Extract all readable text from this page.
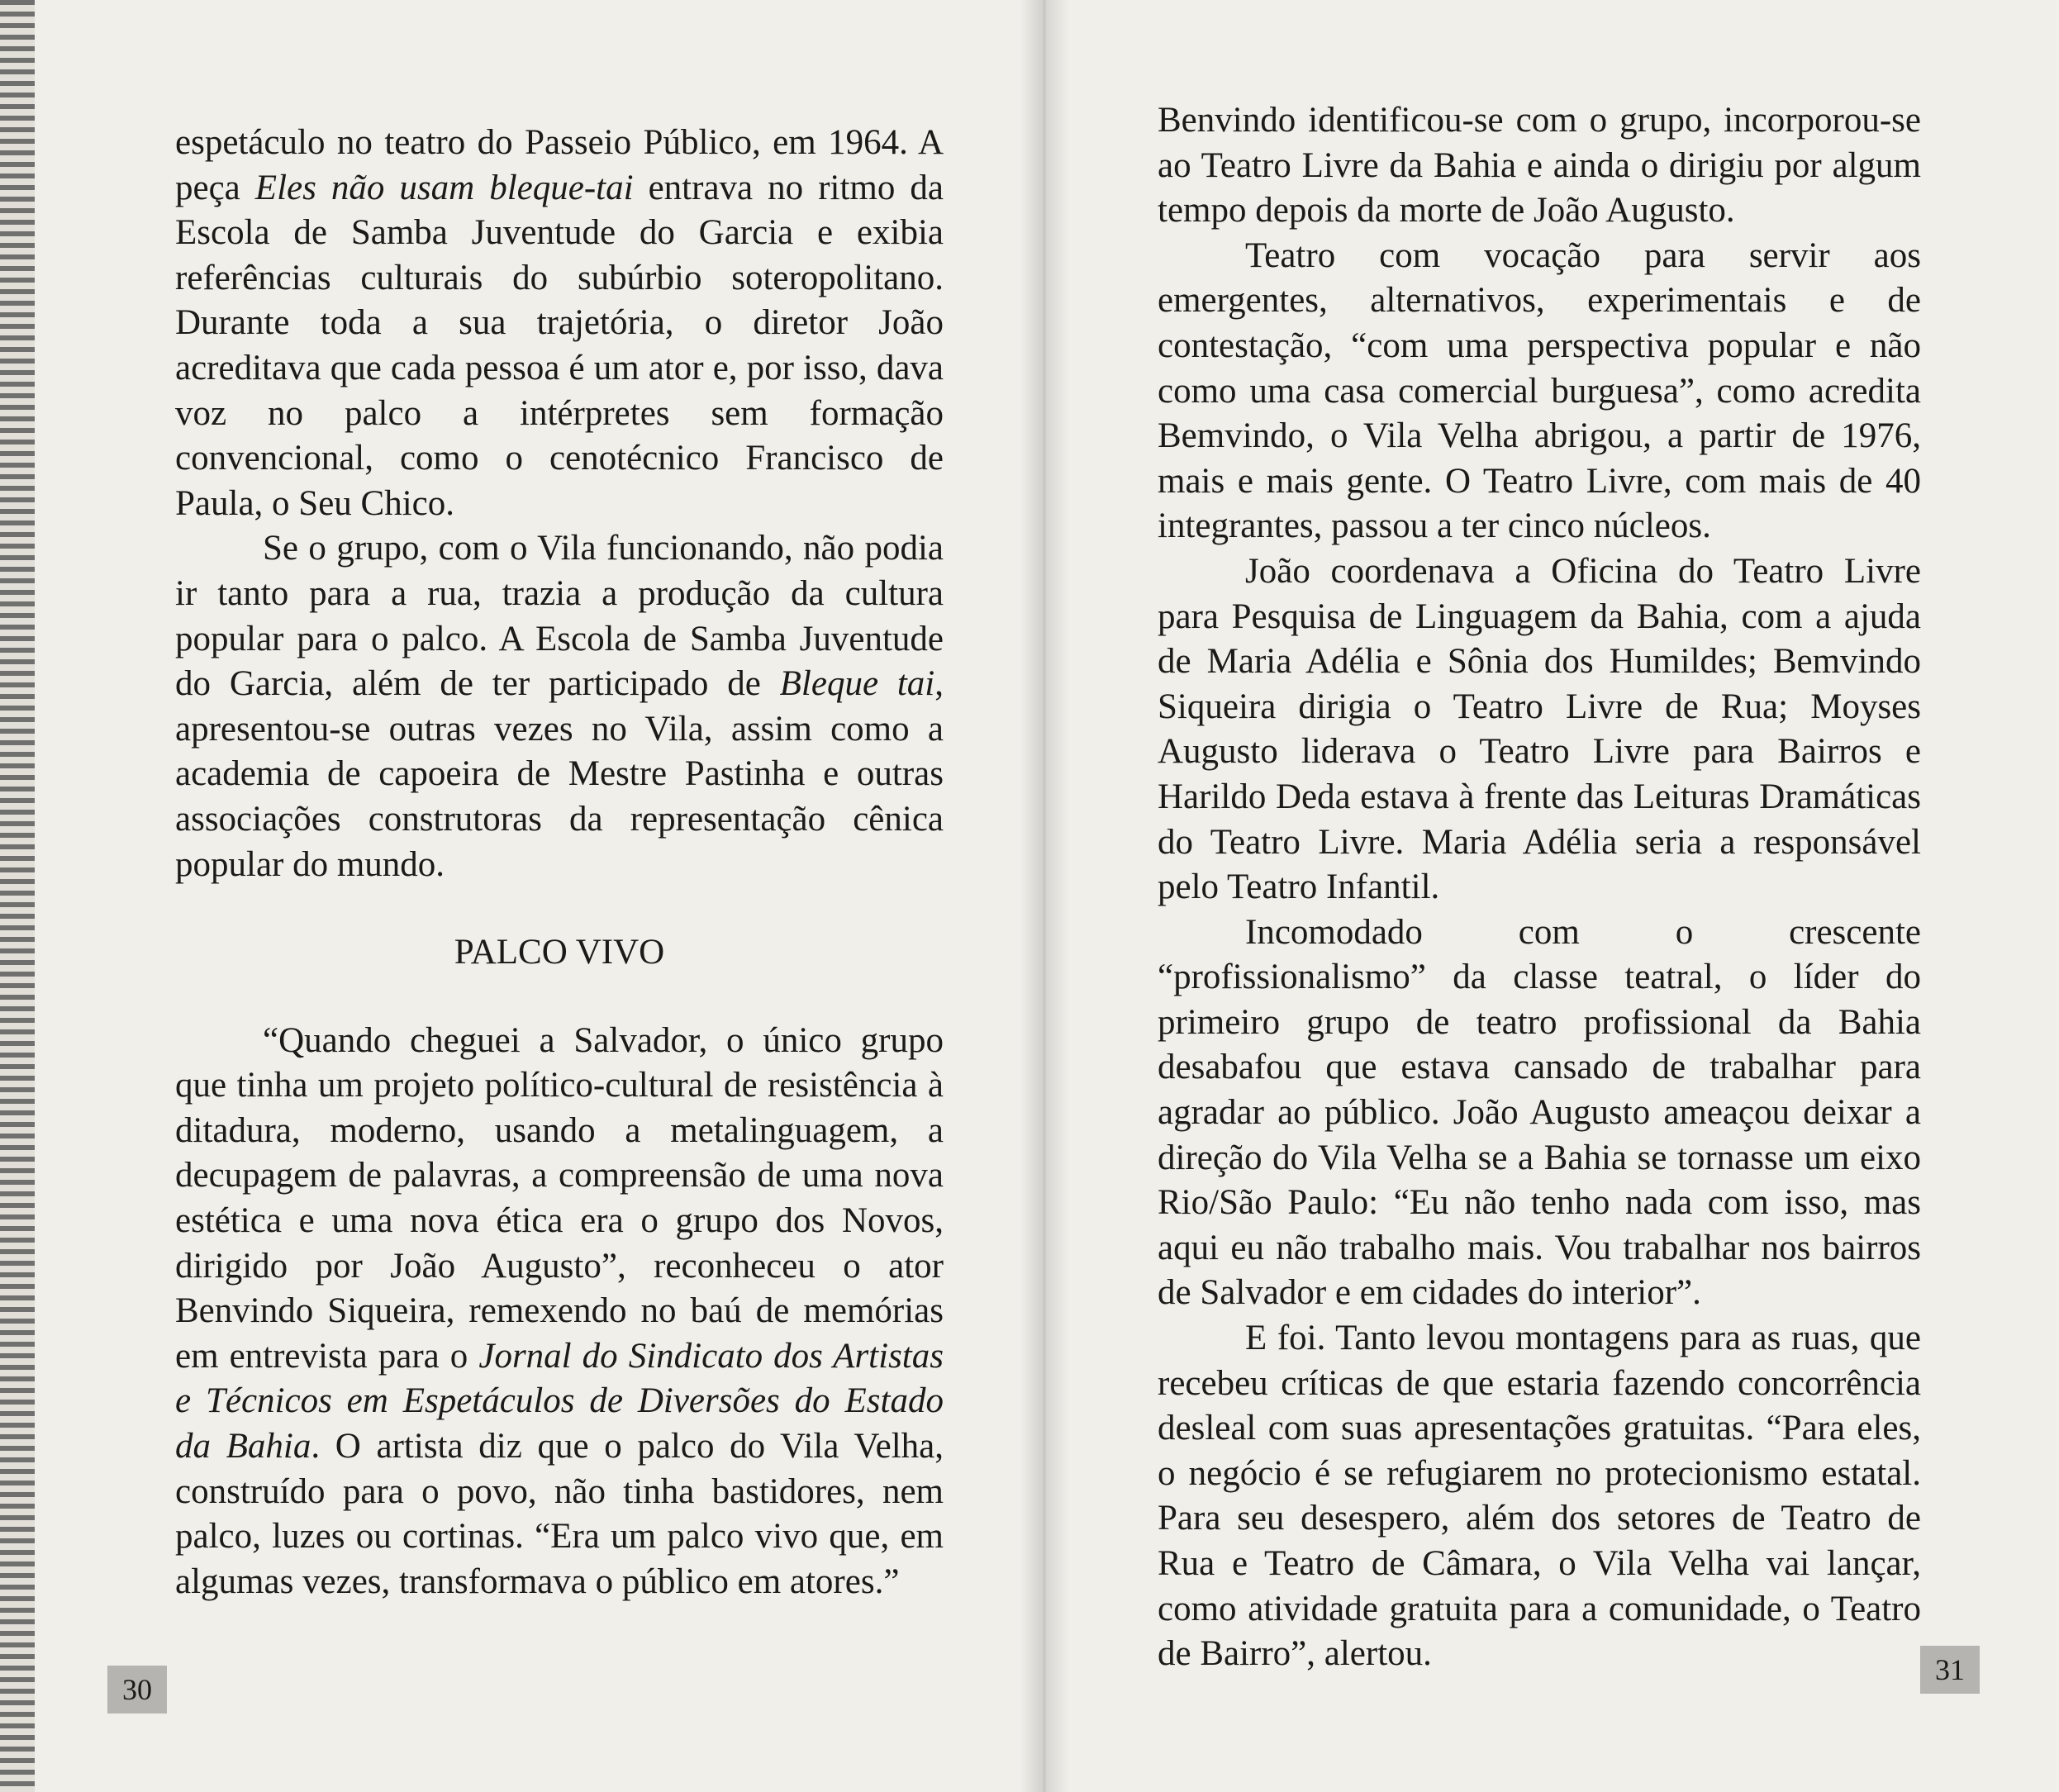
espetáculo no teatro do Passeio Público, em 1964. A peça Eles não usam bleque-tai entrava no ritmo da Escola de Samba Juventude do Garcia e exibia referências culturais do subúrbio soteropolitano. Durante toda a sua trajetória, o diretor João acreditava que cada pessoa é um ator e, por isso, dava voz no palco a intérpretes sem formação convencional, como o cenotécnico Francisco de Paula, o Seu Chico.

Se o grupo, com o Vila funcionando, não podia ir tanto para a rua, trazia a produção da cultura popular para o palco. A Escola de Samba Juventude do Garcia, além de ter participado de Bleque tai, apresentou-se outras vezes no Vila, assim como a academia de capoeira de Mestre Pastinha e outras associações construtoras da representação cênica popular do mundo.

PALCO VIVO

“Quando cheguei a Salvador, o único grupo que tinha um projeto político-cultural de resistência à ditadura, moderno, usando a metalinguagem, a decupagem de palavras, a compreensão de uma nova estética e uma nova ética era o grupo dos Novos, dirigido por João Augusto”, reconheceu o ator Benvindo Siqueira, remexendo no baú de memórias em entrevista para o Jornal do Sindicato dos Artistas e Técnicos em Espetáculos de Diversões do Estado da Bahia. O artista diz que o palco do Vila Velha, construído para o povo, não tinha bastidores, nem palco, luzes ou cortinas. “Era um palco vivo que, em algumas vezes, transformava o público em atores.”

30

Benvindo identificou-se com o grupo, incorporou-se ao Teatro Livre da Bahia e ainda o dirigiu por algum tempo depois da morte de João Augusto.

Teatro com vocação para servir aos emergentes, alternativos, experimentais e de contestação, “com uma perspectiva popular e não como uma casa comercial burguesa”, como acredita Bemvindo, o Vila Velha abrigou, a partir de 1976, mais e mais gente. O Teatro Livre, com mais de 40 integrantes, passou a ter cinco núcleos.

João coordenava a Oficina do Teatro Livre para Pesquisa de Linguagem da Bahia, com a ajuda de Maria Adélia e Sônia dos Humildes; Bemvindo Siqueira dirigia o Teatro Livre de Rua; Moyses Augusto liderava o Teatro Livre para Bairros e Harildo Deda estava à frente das Leituras Dramáticas do Teatro Livre. Maria Adélia seria a responsável pelo Teatro Infantil.

Incomodado com o crescente “profissionalismo” da classe teatral, o líder do primeiro grupo de teatro profissional da Bahia desabafou que estava cansado de trabalhar para agradar ao público. João Augusto ameaçou deixar a direção do Vila Velha se a Bahia se tornasse um eixo Rio/São Paulo: “Eu não tenho nada com isso, mas aqui eu não trabalho mais. Vou trabalhar nos bairros de Salvador e em cidades do interior”.

E foi. Tanto levou montagens para as ruas, que recebeu críticas de que estaria fazendo concorrência desleal com suas apresentações gratuitas. “Para eles, o negócio é se refugiarem no protecionismo estatal. Para seu desespero, além dos setores de Teatro de Rua e Teatro de Câmara, o Vila Velha vai lançar, como atividade gratuita para a comunidade, o Teatro de Bairro”, alertou.	31
